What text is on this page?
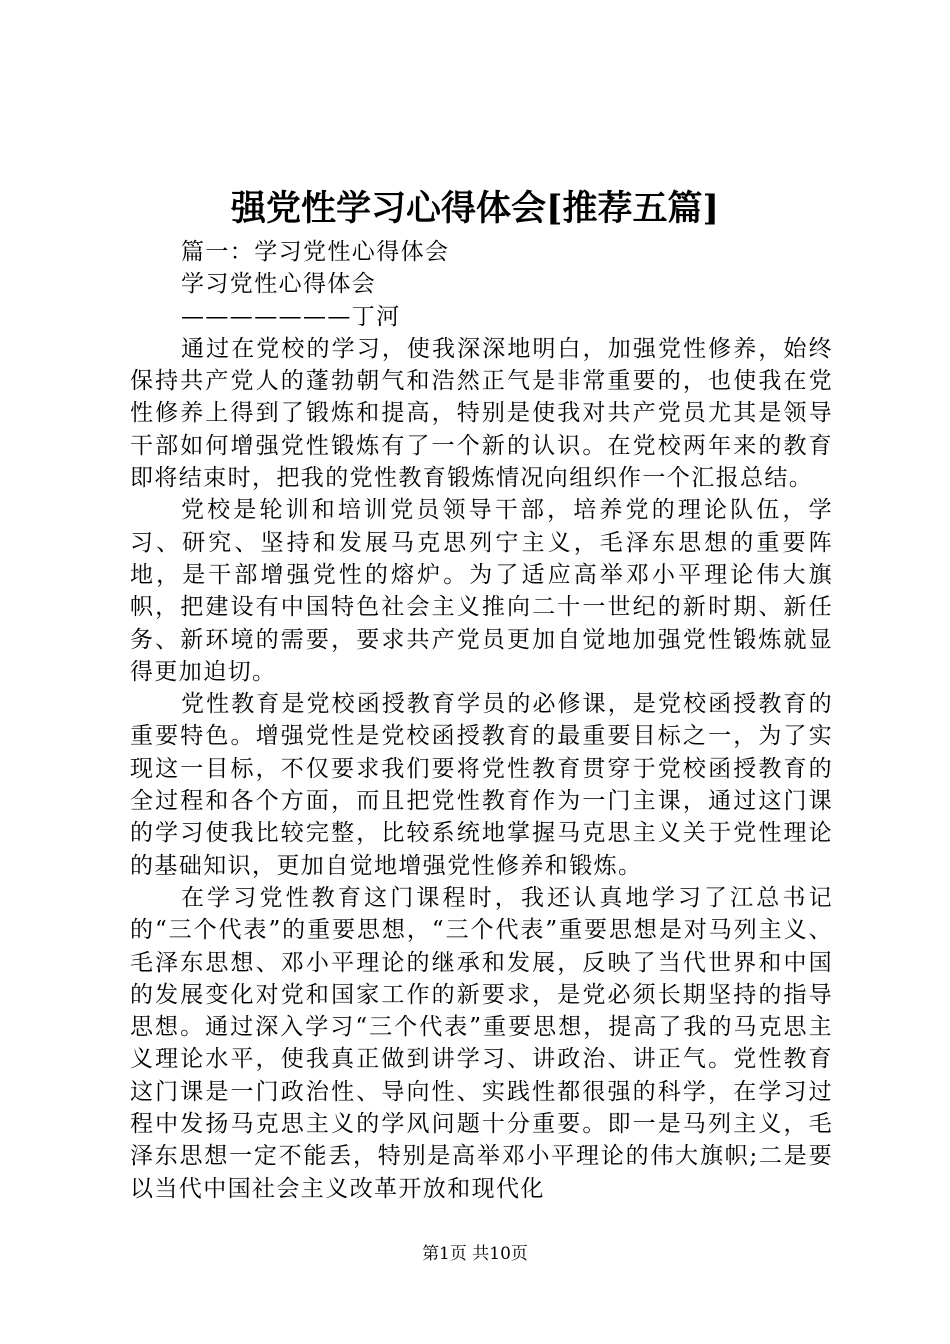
强党性学习心得体会[推荐五篇]
篇一：学习党性心得体会
学习党性心得体会
———————丁河

通过在党校的学习，使我深深地明白，加强党性修养，始终保持共产党人的蓬勃朝气和浩然正气是非常重要的，也使我在党性修养上得到了锻炼和提高，特别是使我对共产党员尤其是领导干部如何增强党性锻炼有了一个新的认识。在党校两年来的教育即将结束时，把我的党性教育锻炼情况向组织作一个汇报总结。

党校是轮训和培训党员领导干部，培养党的理论队伍，学习、研究、坚持和发展马克思列宁主义，毛泽东思想的重要阵地，是干部增强党性的熔炉。为了适应高举邓小平理论伟大旗帜，把建设有中国特色社会主义推向二十一世纪的新时期、新任务、新环境的需要，要求共产党员更加自觉地加强党性锻炼就显得更加迫切。

党性教育是党校函授教育学员的必修课，是党校函授教育的重要特色。增强党性是党校函授教育的最重要目标之一，为了实现这一目标，不仅要求我们要将党性教育贯穿于党校函授教育的全过程和各个方面，而且把党性教育作为一门主课，通过这门课的学习使我比较完整，比较系统地掌握马克思主义关于党性理论的基础知识，更加自觉地增强党性修养和锻炼。

在学习党性教育这门课程时，我还认真地学习了江总书记的“三个代表”的重要思想，“三个代表”重要思想是对马列主义、毛泽东思想、邓小平理论的继承和发展，反映了当代世界和中国的发展变化对党和国家工作的新要求，是党必须长期坚持的指导思想。通过深入学习“三个代表”重要思想，提高了我的马克思主义理论水平，使我真正做到讲学习、讲政治、讲正气。党性教育这门课是一门政治性、导向性、实践性都很强的科学，在学习过程中发扬马克思主义的学风问题十分重要。即一是马列主义，毛泽东思想一定不能丢，特别是高举邓小平理论的伟大旗帜;二是要以当代中国社会主义改革开放和现代化

第1页 共10页
